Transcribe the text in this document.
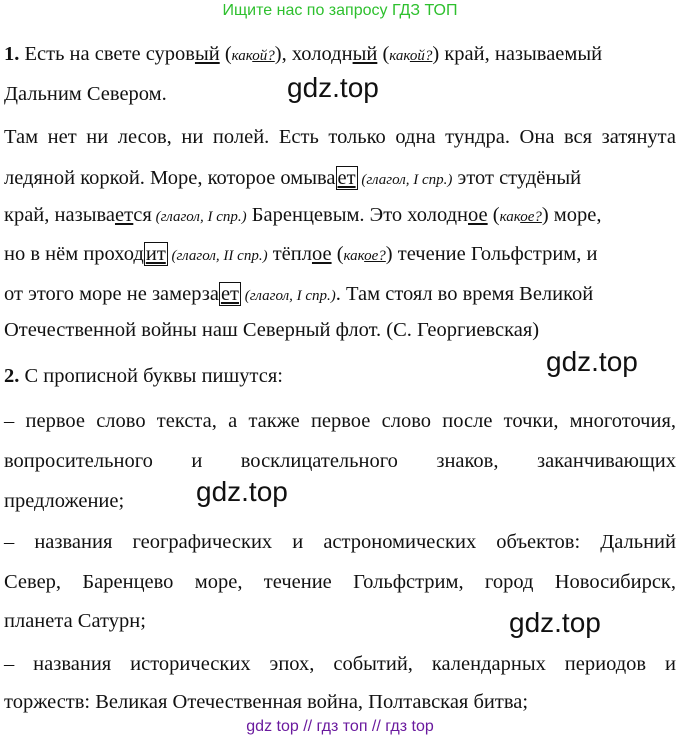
Ищите нас по запросу ГДЗ ТОП
1. Есть на свете суровый (какой?), холодный (какой?) край, называемый
Дальним Севером.
Там нет ни лесов, ни полей. Есть только одна тундра. Она вся затянута
ледяной коркой. Море, которое омывает (глагол, I спр.) этот студёный
край, называется (глагол, I спр.) Баренцевым. Это холодное (какое?) море,
но в нём проходит (глагол, II спр.) тёплое (какое?) течение Гольфстрим, и
от этого море не замерзает (глагол, I спр.). Там стоял во время Великой
Отечественной войны наш Северный флот. (С. Георгиевская)
2. С прописной буквы пишутся:
– первое слово текста, а также первое слово после точки, многоточия,
вопросительного и восклицательного знаков, заканчивающих
предложение;
– названия географических и астрономических объектов: Дальний
Север, Баренцево море, течение Гольфстрим, город Новосибирск,
планета Сатурн;
– названия исторических эпох, событий, календарных периодов и
торжеств: Великая Отечественная война, Полтавская битва;
gdz.top
gdz.top
gdz.top
gdz.top
gdz top // гдз топ // гдз top
